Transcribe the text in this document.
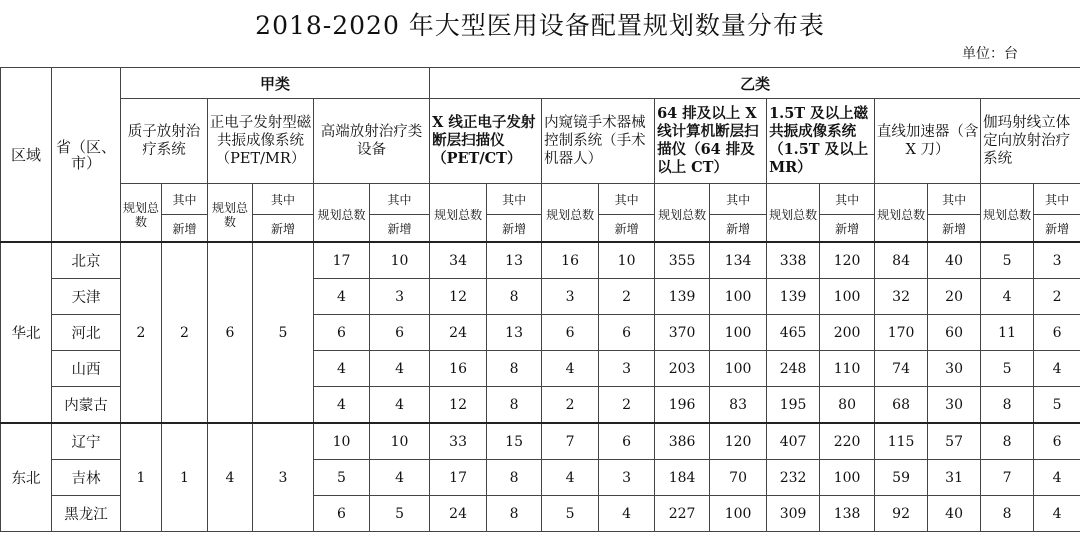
2018-2020 年大型医用设备配置规划数量分布表
单位：台
区域	省（区、市）	甲类						乙类											
		质子放射治疗系统		正电子发射型磁共振成像系统（PET/MR）		高端放射治疗类设备		X 线正电子发射断层扫描仪（PET/CT）		内窥镜手术器械控制系统（手术机器人）		64 排及以上 X 线计算机断层扫描仪（64 排及以上 CT）		1.5T 及以上磁共振成像系统（1.5T 及以上 MR）		直线加速器（含 X 刀）		伽玛射线立体定向放射治疗系统	
		规划总数	其中	规划总数	其中	规划总数	其中	规划总数	其中	规划总数	其中	规划总数	其中	规划总数	其中	规划总数	其中	规划总数	其中
			新增		新增		新增		新增		新增		新增		新增		新增		新增
华北	北京	2	2	6	5	17	10	34	13	16	10	355	134	338	120	84	40	5	3
	天津					4	3	12	8	3	2	139	100	139	100	32	20	4	2
	河北					6	6	24	13	6	6	370	100	465	200	170	60	11	6
	山西					4	4	16	8	4	3	203	100	248	110	74	30	5	4
	内蒙古					4	4	12	8	2	2	196	83	195	80	68	30	8	5
东北	辽宁	1	1	4	3	10	10	33	15	7	6	386	120	407	220	115	57	8	6
	吉林					5	4	17	8	4	3	184	70	232	100	59	31	7	4
	黑龙江					6	5	24	8	5	4	227	100	309	138	92	40	8	4
